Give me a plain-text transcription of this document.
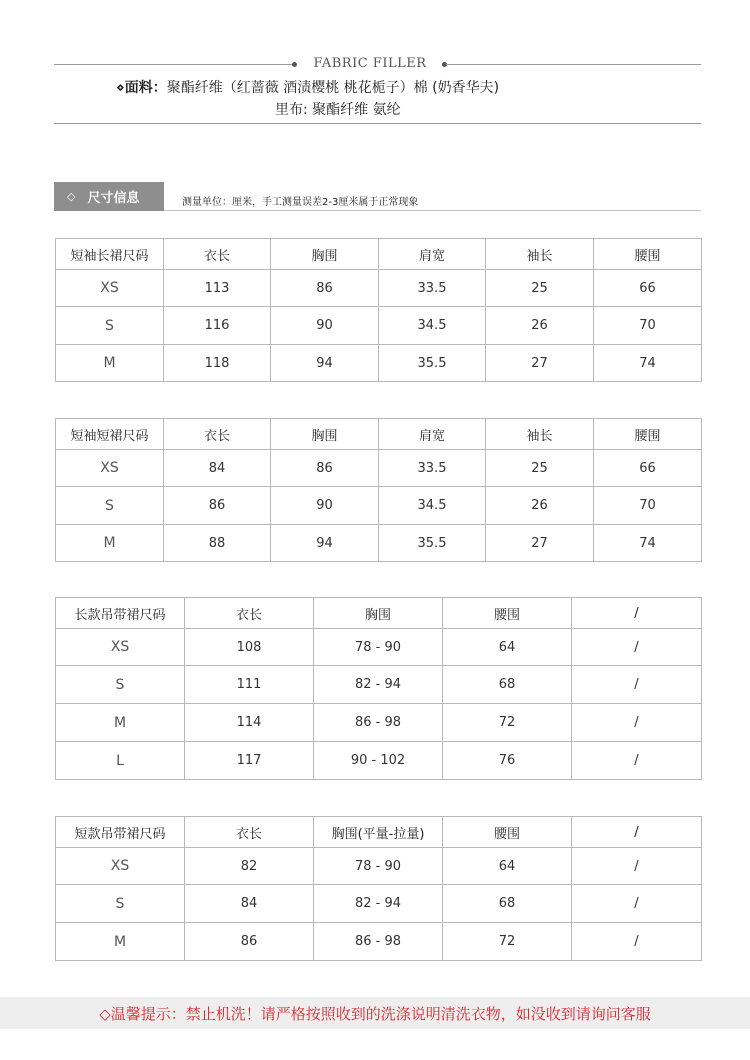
FABRIC FILLER
⋄面料：聚酯纤维（红蔷薇 酒渍樱桃 桃花栀子）棉 (奶香华夫)
里布: 聚酯纤维 氨纶
◇ 尺寸信息	测量单位：厘米，手工测量误差2-3厘米属于正常现象
短袖长裙尺码	衣长	胸围	肩宽	袖长	腰围
XS	113	86	33.5	25	66
S	116	90	34.5	26	70
M	118	94	35.5	27	74
短袖短裙尺码	衣长	胸围	肩宽	袖长	腰围
XS	84	86	33.5	25	66
S	86	90	34.5	26	70
M	88	94	35.5	27	74
长款吊带裙尺码	衣长	胸围	腰围	/
XS	108	78 - 90	64	/
S	111	82 - 94	68	/
M	114	86 - 98	72	/
L	117	90 - 102	76	/
短款吊带裙尺码	衣长	胸围(平量-拉量)	腰围	/
XS	82	78 - 90	64	/
S	84	82 - 94	68	/
M	86	86 - 98	72	/
◇温馨提示：禁止机洗！请严格按照收到的洗涤说明清洗衣物，如没收到请询问客服
